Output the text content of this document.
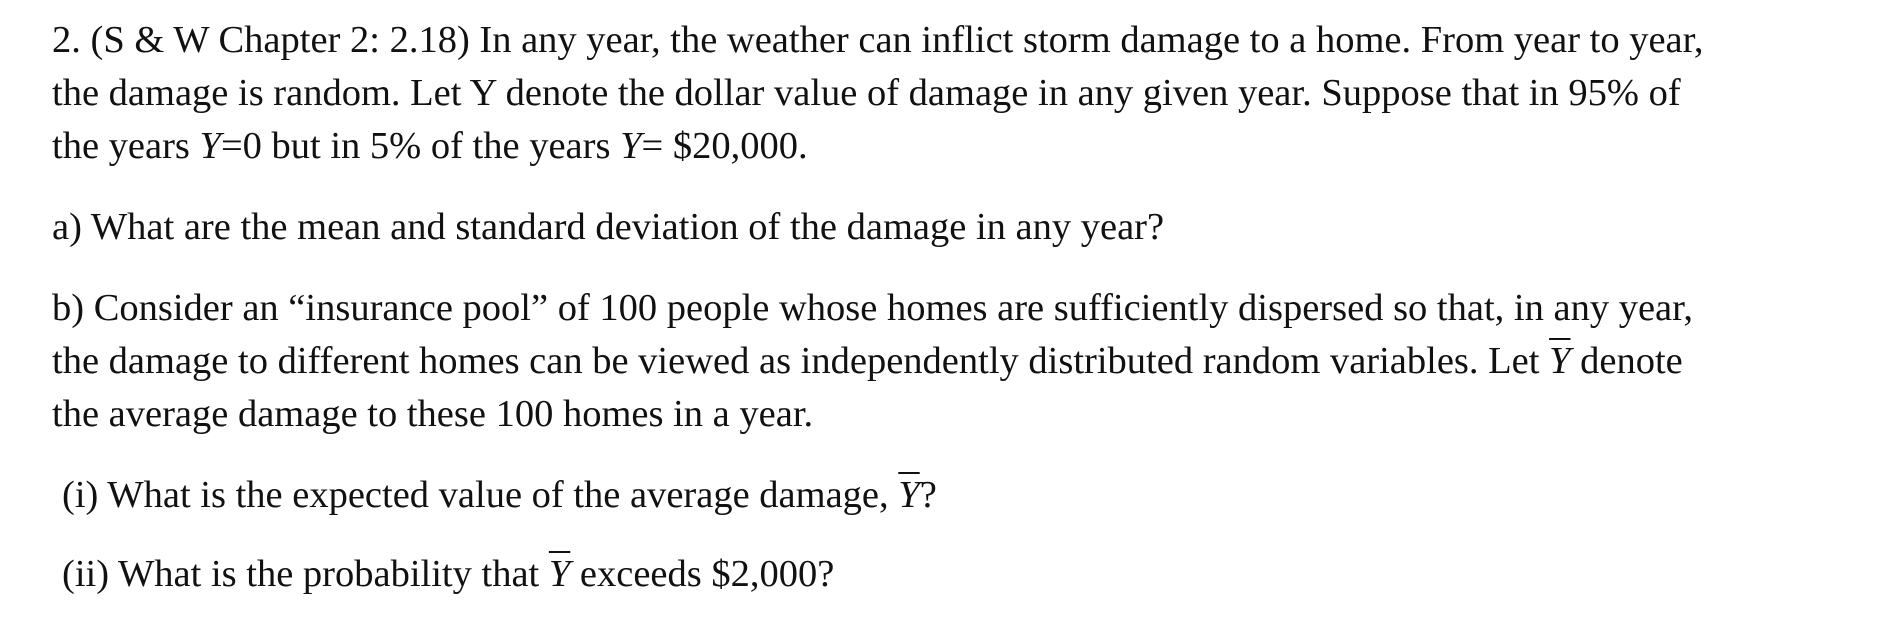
2. (S & W Chapter 2: 2.18) In any year, the weather can inflict storm damage to a home. From year to year,
the damage is random. Let Y denote the dollar value of damage in any given year. Suppose that in 95% of
the years Y=0 but in 5% of the years Y= $20,000.

a) What are the mean and standard deviation of the damage in any year?

b) Consider an “insurance pool” of 100 people whose homes are sufficiently dispersed so that, in any year,
the damage to different homes can be viewed as independently distributed random variables. Let $\overline{Y}$ denote
the average damage to these 100 homes in a year.

(i) What is the expected value of the average damage, $\overline{Y}$?

(ii) What is the probability that $\overline{Y}$ exceeds $2,000?
